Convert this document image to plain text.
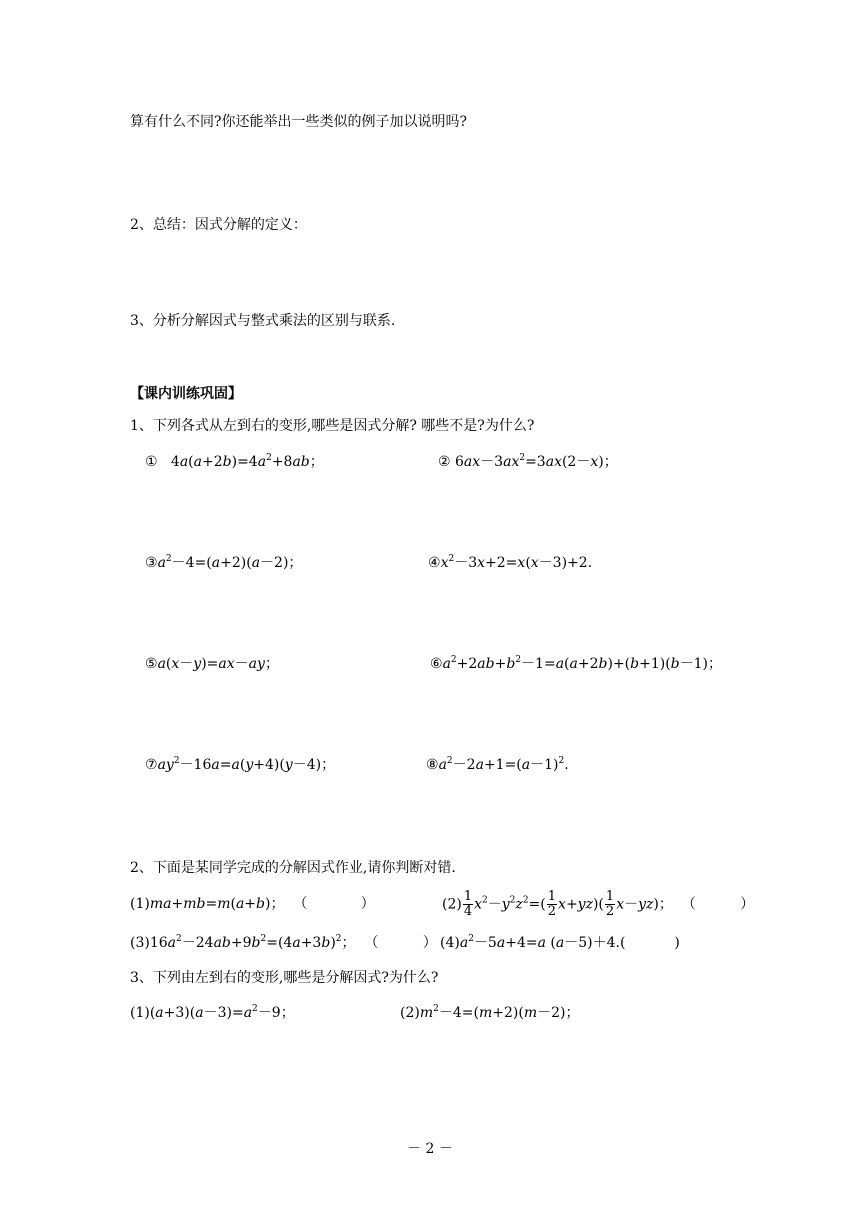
算有什么不同?你还能举出一些类似的例子加以说明吗?
2、总结：因式分解的定义：
3、分析分解因式与整式乘法的区别与联系.
【课内训练巩固】
1、下列各式从左到右的变形,哪些是因式分解? 哪些不是?为什么?
①   $4a(a+2b)=4a^2+8ab$；	② $6ax-3ax^2=3ax(2-x)$；
$③a^2-4=(a+2)(a-2)$；	$④x^2-3x+2=x(x-3)+2$.
⑤a(x－y)=ax－ay；	$⑥a^2+2ab+b^2-1=a(a+2b)+(b+1)(b-1)$；
$⑦ay^2-16a=a(y+4)(y-4)$；	$⑧a^2-2a+1=(a-1)^2$.
2、下面是某同学完成的分解因式作业,请你判断对错.
(1)ma+mb=m(a+b)；  （            ）	$(2) \frac{1}{4} x^2-y^2z^2=( \frac{1}{2} x+yz)( \frac{1}{2} x-yz)$；  （          ）
$(3)16a^2-24ab+9b^2=(4a+3b)^2$；  （          ） $(4)a^2-5a+4=a$ (a－5)＋4.(           )
3、下列由左到右的变形,哪些是分解因式?为什么?
$(1)(a+3)(a-3)=a^2-9$；	$(2)m^2-4=(m+2)(m-2)$；
－ 2 －
